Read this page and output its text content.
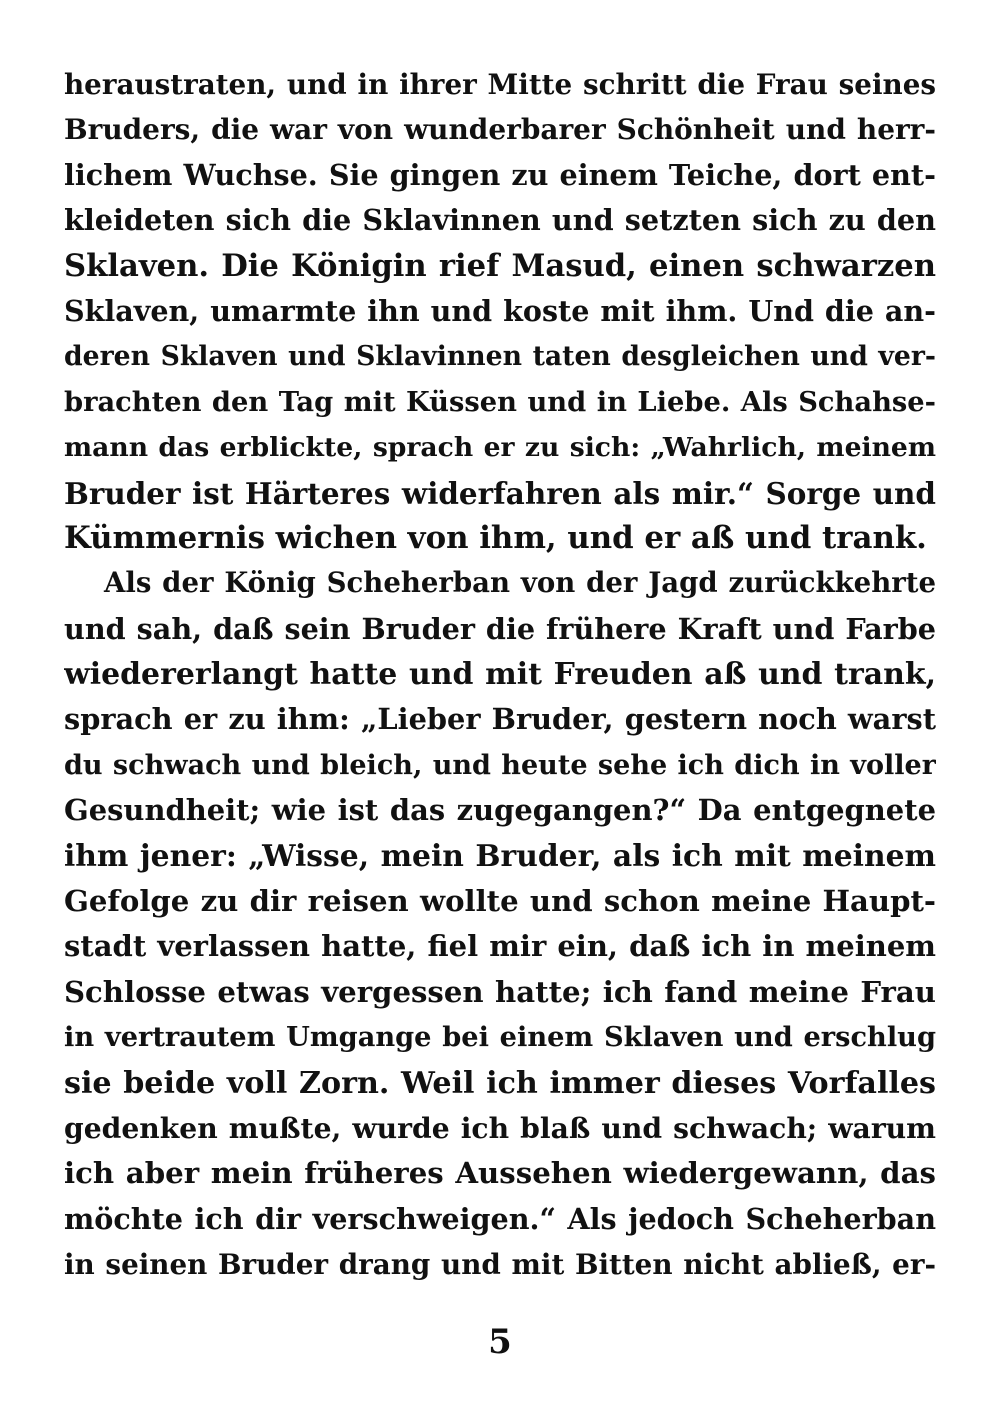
heraustraten, und in ihrer Mitte schritt die Frau seines
Bruders, die war von wunderbarer Schönheit und herr-
lichem Wuchse. Sie gingen zu einem Teiche, dort ent-
kleideten sich die Sklavinnen und setzten sich zu den
Sklaven. Die Königin rief Masud, einen schwarzen
Sklaven, umarmte ihn und koste mit ihm. Und die an-
deren Sklaven und Sklavinnen taten desgleichen und ver-
brachten den Tag mit Küssen und in Liebe. Als Schahse-
mann das erblickte, sprach er zu sich: „Wahrlich, meinem
Bruder ist Härteres widerfahren als mir.“ Sorge und
Kümmernis wichen von ihm, und er aß und trank.
Als der König Scheherban von der Jagd zurückkehrte
und sah, daß sein Bruder die frühere Kraft und Farbe
wiedererlangt hatte und mit Freuden aß und trank,
sprach er zu ihm: „Lieber Bruder, gestern noch warst
du schwach und bleich, und heute sehe ich dich in voller
Gesundheit; wie ist das zugegangen?“ Da entgegnete
ihm jener: „Wisse, mein Bruder, als ich mit meinem
Gefolge zu dir reisen wollte und schon meine Haupt-
stadt verlassen hatte, fiel mir ein, daß ich in meinem
Schlosse etwas vergessen hatte; ich fand meine Frau
in vertrautem Umgange bei einem Sklaven und erschlug
sie beide voll Zorn. Weil ich immer dieses Vorfalles
gedenken mußte, wurde ich blaß und schwach; warum
ich aber mein früheres Aussehen wiedergewann, das
möchte ich dir verschweigen.“ Als jedoch Scheherban
in seinen Bruder drang und mit Bitten nicht abließ, er-
5
